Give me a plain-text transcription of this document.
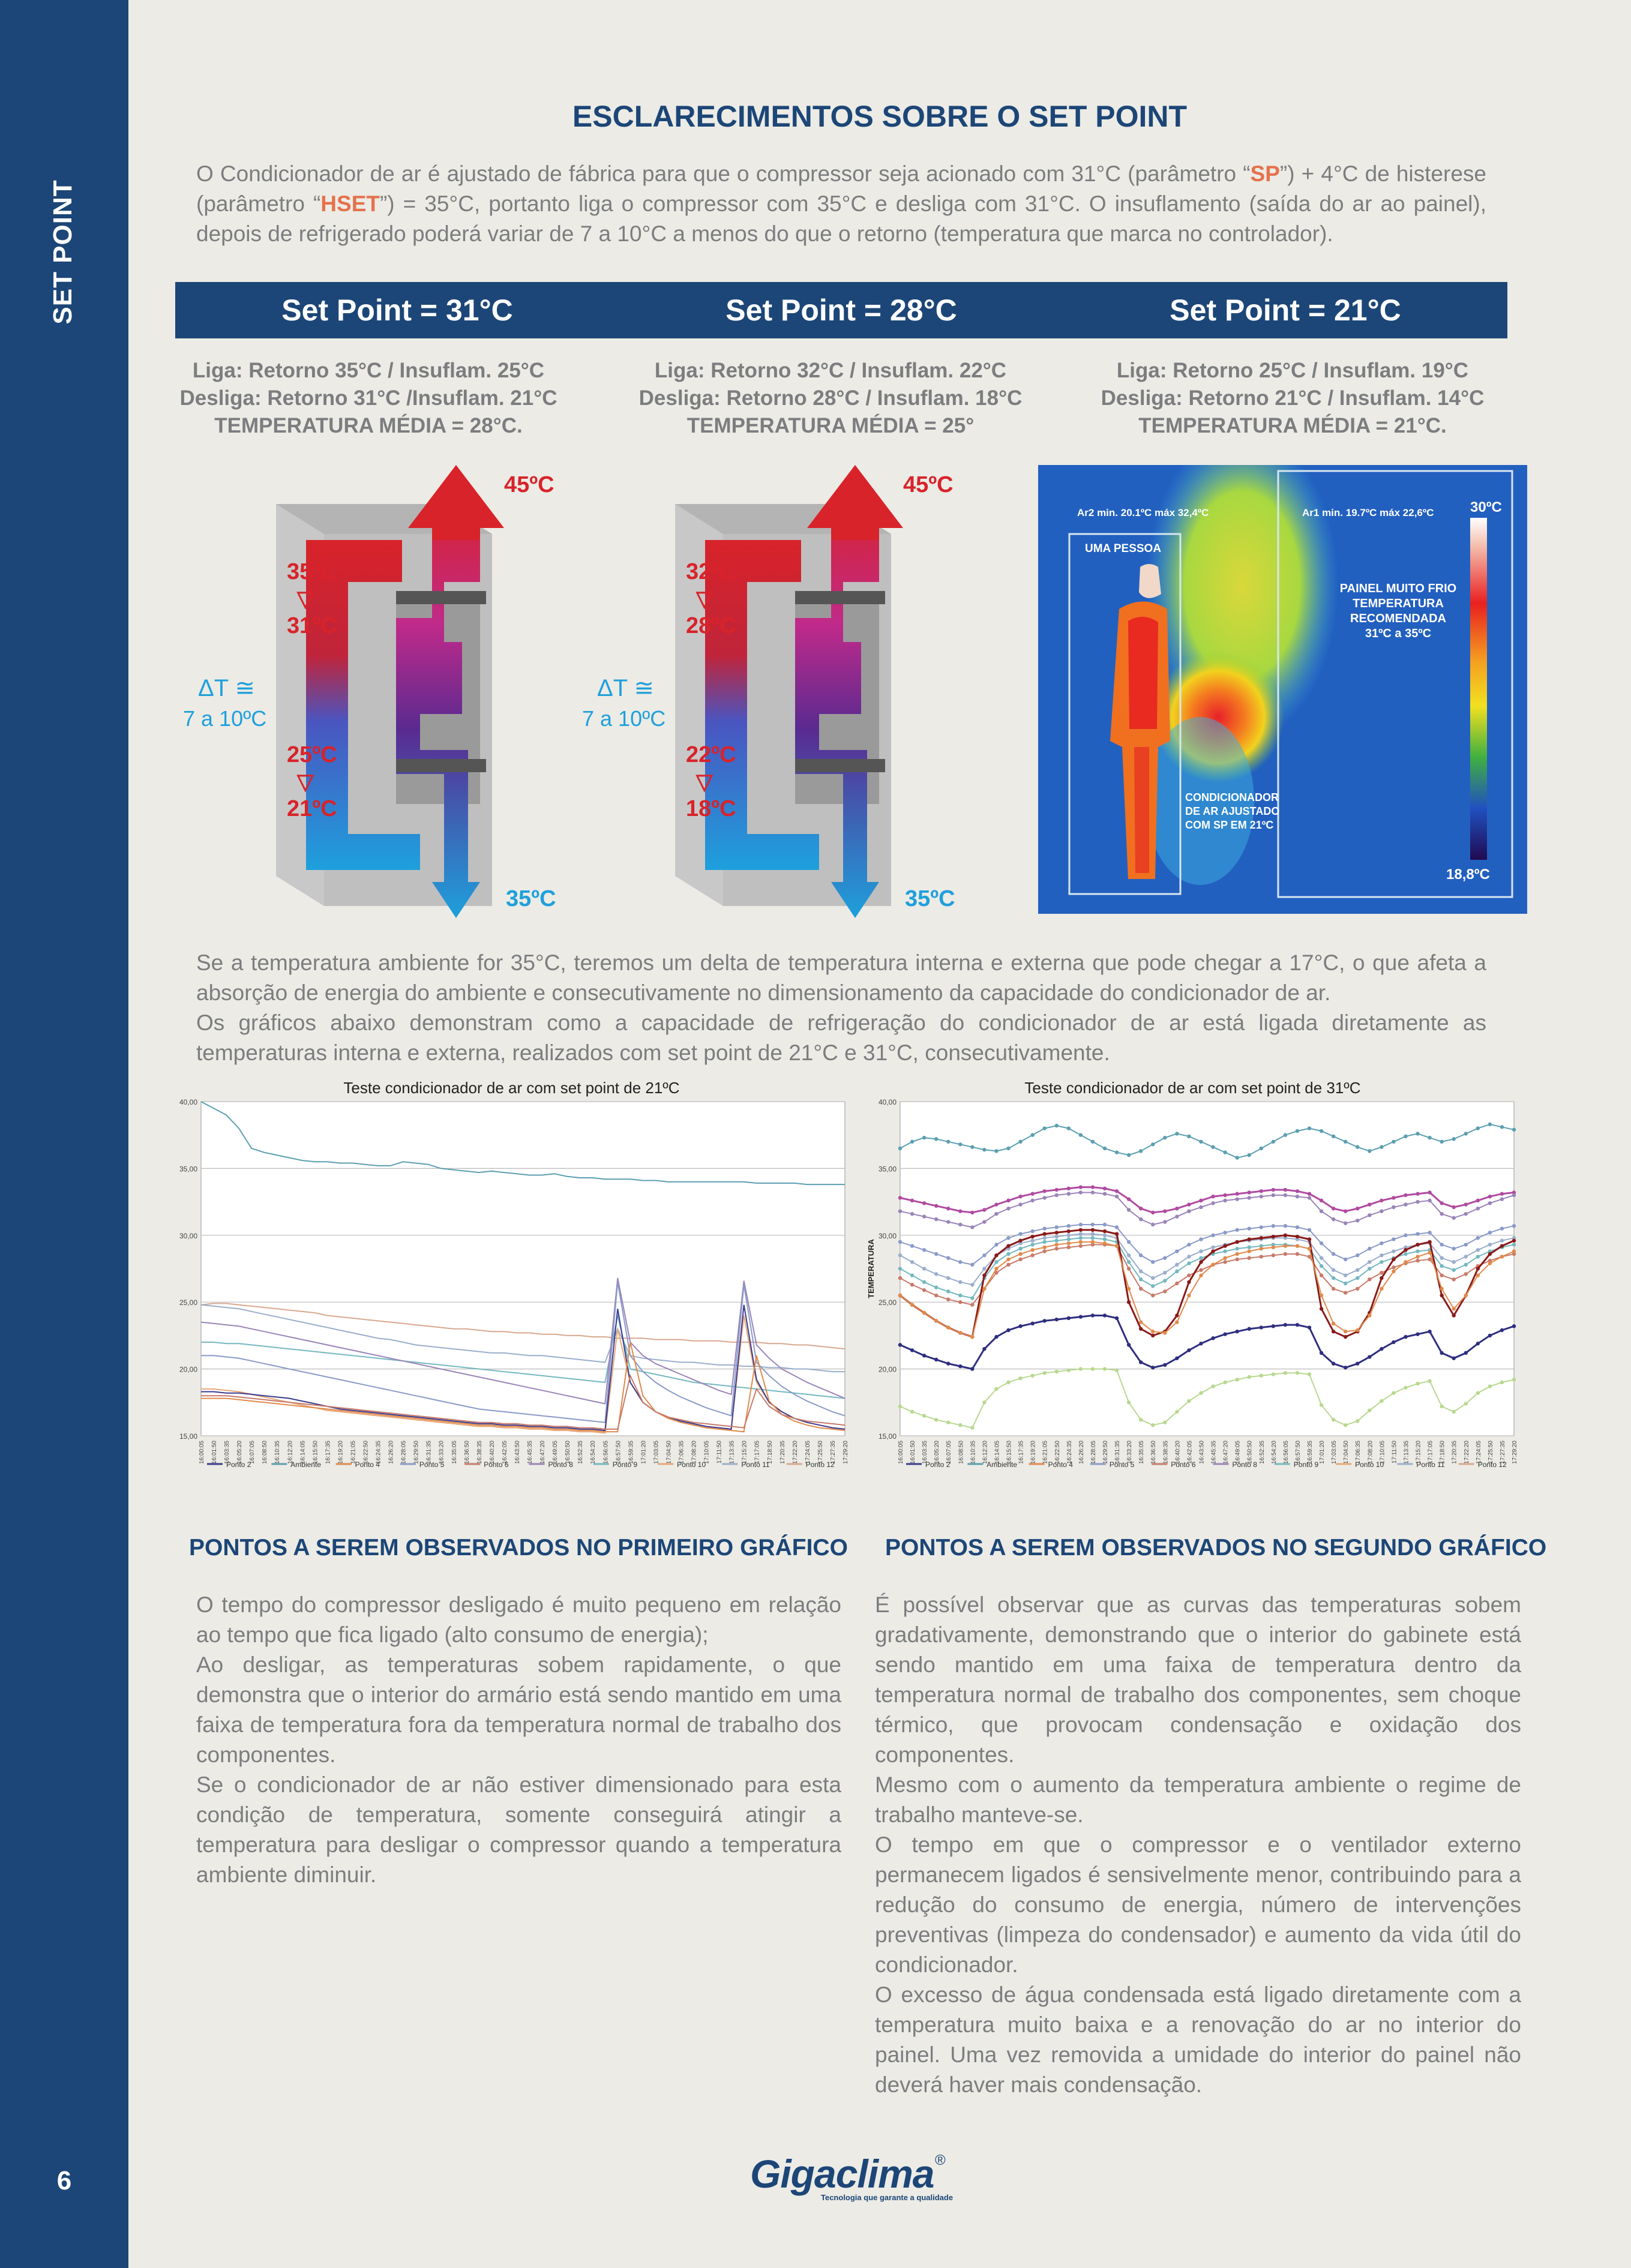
SET POINT
6
ESCLARECIMENTOS SOBRE O SET POINT
O Condicionador de ar é ajustado de fábrica para que o compressor seja acionado com 31°C (parâmetro “SP”) + 4°C de histerese (parâmetro “HSET”) = 35°C, portanto liga o compressor com 35°C e desliga com 31°C. O insuflamento (saída do ar ao painel), depois de refrigerado poderá variar de 7 a 10°C a menos do que o retorno (temperatura que marca no controlador).
Set Point = 31°C	Set Point = 28°C	Set Point = 21°C
Liga: Retorno 35°C / Insuflam. 25°C
Desliga: Retorno 31°C /Insuflam. 21°C
TEMPERATURA MÉDIA = 28°C.
Liga: Retorno 32°C / Insuflam. 22°C
Desliga: Retorno 28°C / Insuflam. 18°C
TEMPERATURA MÉDIA = 25°
Liga: Retorno 25°C / Insuflam. 19°C
Desliga: Retorno 21°C / Insuflam. 14°C
TEMPERATURA MÉDIA = 21°C.
45ºC
35ºC
▽
31ºC
25ºC
▽
21ºC
ΔT ≅
7 a 10ºC
35ºC
45ºC
32ºC
▽
28ºC
22ºC
▽
18ºC
ΔT ≅
7 a 10ºC
35ºC
Ar2 min. 20.1ºC máx 32,4ºC	Ar1 min. 19.7ºC máx 22,6ºC
UMA PESSOA
PAINEL MUITO FRIO
TEMPERATURA
RECOMENDADA
31ºC a 35ºC
CONDICIONADOR
DE AR AJUSTADO
COM SP EM 21ºC
30ºC
18,8ºC
Se a temperatura ambiente for 35°C, teremos um delta de temperatura interna e externa que pode chegar a 17°C, o que afeta a absorção de energia do ambiente e consecutivamente no dimensionamento da capacidade do condicionador de ar.
Os gráficos abaixo demonstram como a capacidade de refrigeração do condicionador de ar está ligada diretamente as temperaturas interna e externa, realizados com set point de 21°C e 31°C, consecutivamente.
Teste condicionador de ar com set point de 21ºC
40,00
35,00
30,00
25,00
20,00
15,00
16:00:05 16:01:50 16:03:35 16:05:20 16:07:05 16:08:50 16:10:35 16:12:20 16:14:05 16:15:50 16:17:35 16:19:20 16:21:05 16:22:50 16:24:35 16:26:20 16:28:05 16:29:50 16:31:35 16:33:20 16:35:05 16:36:50 16:38:35 16:40:20 16:42:05 16:43:50 16:45:35 16:47:20 16:49:05 16:50:50 16:52:35 16:54:20 16:56:05 16:57:50 16:59:35 17:01:20 17:03:05 17:04:50 17:06:35 17:08:20 17:10:05 17:11:50 17:13:35 17:15:20 17:17:05 17:18:50 17:20:35 17:22:20 17:24:05 17:25:50 17:27:35 17:29:20
Ponto 2	Ambiente	Ponto 4	Ponto 5	Ponto 6	Ponto 8	Ponto 9	Ponto 10	Ponto 11	Ponto 12
Teste condicionador de ar com set point de 31ºC
40,00
35,00
30,00
25,00
20,00
15,00
16:00:05 16:01:50 16:03:35 16:05:20 16:07:05 16:08:50 16:10:35 16:12:20 16:14:05 16:15:50 16:17:35 16:19:20 16:21:05 16:22:50 16:24:35 16:26:20 16:28:05 16:29:50 16:31:35 16:33:20 16:35:05 16:36:50 16:38:35 16:40:20 16:42:05 16:43:50 16:45:35 16:47:20 16:49:05 16:50:50 16:52:35 16:54:20 16:56:05 16:57:50 16:59:35 17:01:20 17:03:05 17:04:50 17:06:35 17:08:20 17:10:05 17:11:50 17:13:35 17:15:20 17:17:05 17:18:50 17:20:35 17:22:20 17:24:05 17:25:50 17:27:35 17:29:20
TEMPERATURA
Ponto 2	Ambiente	Ponto 4	Ponto 5	Ponto 6	Ponto 8	Ponto 9	Ponto 10	Ponto 11	Ponto 12
PONTOS A SEREM OBSERVADOS NO PRIMEIRO GRÁFICO PONTOS A SEREM OBSERVADOS NO SEGUNDO GRÁFICO
O tempo do compressor desligado é muito pequeno em relação ao tempo que fica ligado (alto consumo de energia);
Ao desligar, as temperaturas sobem rapidamente, o que demonstra que o interior do armário está sendo mantido em uma faixa de temperatura fora da temperatura normal de trabalho dos componentes.
Se o condicionador de ar não estiver dimensionado para esta condição de temperatura, somente conseguirá atingir a temperatura para desligar o compressor quando a temperatura ambiente diminuir.
É possível observar que as curvas das temperaturas sobem gradativamente, demonstrando que o interior do gabinete está sendo mantido em uma faixa de temperatura dentro da temperatura normal de trabalho dos componentes, sem choque térmico, que provocam condensação e oxidação dos componentes.
Mesmo com o aumento da temperatura ambiente o regime de trabalho manteve-se.
O tempo em que o compressor e o ventilador externo permanecem ligados é sensivelmente menor, contribuindo para a redução do consumo de energia, número de intervenções preventivas (limpeza do condensador) e aumento da vida útil do condicionador.
O excesso de água condensada está ligado diretamente com a temperatura muito baixa e a renovação do ar no interior do painel. Uma vez removida a umidade do interior do painel não deverá haver mais condensação.
Gigaclima ®
Tecnologia que garante a qualidade
